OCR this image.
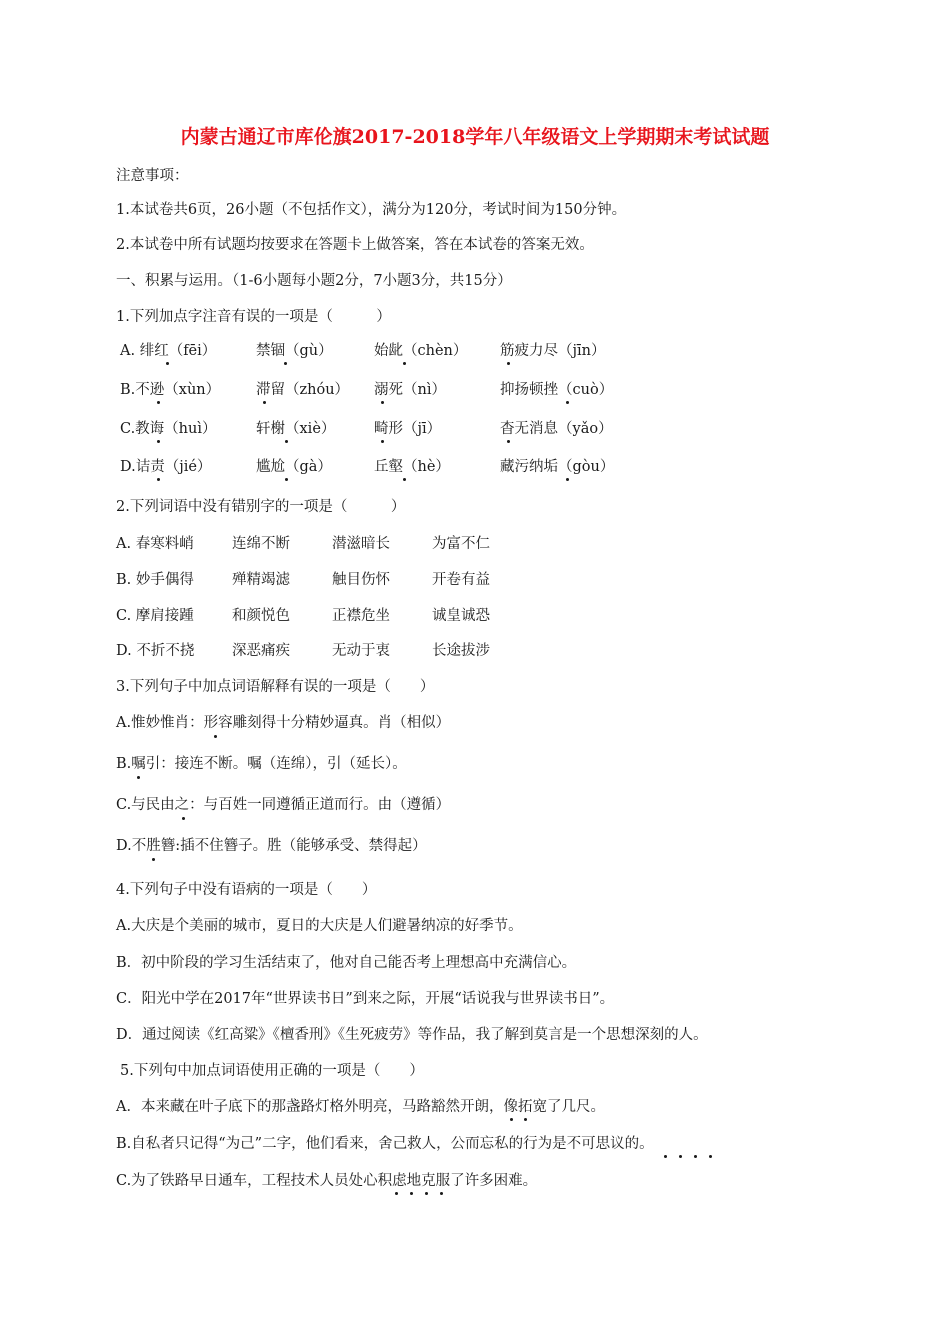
内蒙古通辽市库伦旗2017-2018学年八年级语文上学期期末考试试题
注意事项：
1.本试卷共6页，26小题（不包括作文），满分为120分，考试时间为150分钟。
2.本试卷中所有试题均按要求在答题卡上做答案，答在本试卷的答案无效。
一、积累与运用。（1-6小题每小题2分，7小题3分，共15分）
1.下列加点字注音有误的一项是（　　　）
A. 绯红（fēi）	禁锢（gù）	始龀（chèn） 筋疲力尽（jīn）
B.不逊（xùn） 滞留（zhóu） 溺死（nì）	抑扬顿挫（cuò）
C.教诲（huì）	轩榭（xiè）	畸形（jī）	杳无消息（yǎo）
D.诘责（jié）	尴尬（gà）	丘壑（hè）	藏污纳垢（gòu）
2.下列词语中没有错别字的一项是（　　　）
A. 春寒料峭	连绵不断	潜滋暗长	为富不仁
B. 妙手偶得	殚精竭滤	触目伤怀	开卷有益
C. 摩肩接踵	和颜悦色	正襟危坐	诚皇诚恐
D. 不折不挠	深恶痛疾	无动于衷	长途拔涉
3.下列句子中加点词语解释有误的一项是（　　）
A.惟妙惟肖：形容雕刻得十分精妙逼真。肖（相似）
B.嘱引：接连不断。嘱（连绵），引（延长）。
C.与民由之：与百姓一同遵循正道而行。由（遵循）
D.不胜簪:插不住簪子。胜（能够承受、禁得起）
4.下列句子中没有语病的一项是（　　）
A.大庆是个美丽的城市，夏日的大庆是人们避暑纳凉的好季节。
B．初中阶段的学习生活结束了，他对自己能否考上理想高中充满信心。
C．阳光中学在2017年“世界读书日”到来之际，开展“话说我与世界读书日”。
D．通过阅读《红高粱》《檀香刑》《生死疲劳》等作品，我了解到莫言是一个思想深刻的人。
5.下列句中加点词语使用正确的一项是（　　）
A．本来藏在叶子底下的那盏路灯格外明亮，马路豁然开朗，像拓宽了几尺。
B.自私者只记得“为己”二字，他们看来，舍己救人，公而忘私的行为是不可思议的。
C.为了铁路早日通车，工程技术人员处心积虑地克服了许多困难。
